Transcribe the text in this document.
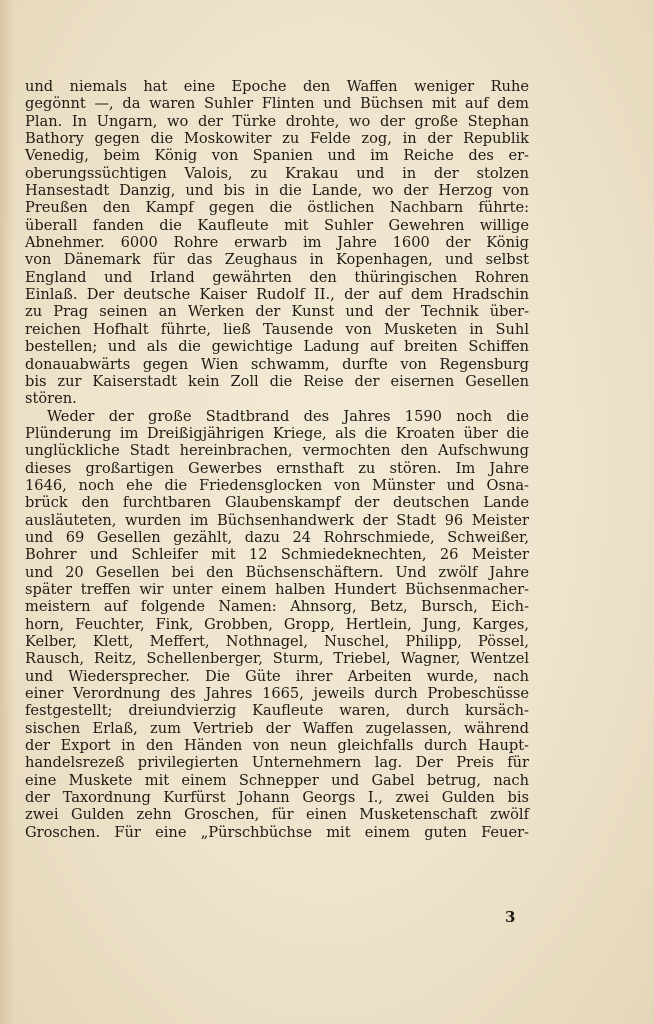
und niemals hat eine Epoche den Waffen weniger Ruhe
gegönnt —, da waren Suhler Flinten und Büchsen mit auf dem
Plan. In Ungarn, wo der Türke drohte, wo der große Stephan
Bathory gegen die Moskowiter zu Felde zog, in der Republik
Venedig, beim König von Spanien und im Reiche des er-
oberungssüchtigen Valois, zu Krakau und in der stolzen
Hansestadt Danzig, und bis in die Lande, wo der Herzog von
Preußen den Kampf gegen die östlichen Nachbarn führte:
überall fanden die Kaufleute mit Suhler Gewehren willige
Abnehmer. 6000 Rohre erwarb im Jahre 1600 der König
von Dänemark für das Zeughaus in Kopenhagen, und selbst
England und Irland gewährten den thüringischen Rohren
Einlaß. Der deutsche Kaiser Rudolf II., der auf dem Hradschin
zu Prag seinen an Werken der Kunst und der Technik über-
reichen Hofhalt führte, ließ Tausende von Musketen in Suhl
bestellen; und als die gewichtige Ladung auf breiten Schiffen
donauabwärts gegen Wien schwamm, durfte von Regensburg
bis zur Kaiserstadt kein Zoll die Reise der eisernen Gesellen
stören.
Weder der große Stadtbrand des Jahres 1590 noch die
Plünderung im Dreißigjährigen Kriege, als die Kroaten über die
unglückliche Stadt hereinbrachen, vermochten den Aufschwung
dieses großartigen Gewerbes ernsthaft zu stören. Im Jahre
1646, noch ehe die Friedensglocken von Münster und Osna-
brück den furchtbaren Glaubenskampf der deutschen Lande
ausläuteten, wurden im Büchsenhandwerk der Stadt 96 Meister
und 69 Gesellen gezählt, dazu 24 Rohrschmiede, Schweißer,
Bohrer und Schleifer mit 12 Schmiedeknechten, 26 Meister
und 20 Gesellen bei den Büchsenschäftern. Und zwölf Jahre
später treffen wir unter einem halben Hundert Büchsenmacher-
meistern auf folgende Namen: Ahnsorg, Betz, Bursch, Eich-
horn, Feuchter, Fink, Grobben, Gropp, Hertlein, Jung, Karges,
Kelber, Klett, Meffert, Nothnagel, Nuschel, Philipp, Pössel,
Rausch, Reitz, Schellenberger, Sturm, Triebel, Wagner, Wentzel
und Wiedersprecher. Die Güte ihrer Arbeiten wurde, nach
einer Verordnung des Jahres 1665, jeweils durch Probeschüsse
festgestellt; dreiundvierzig Kaufleute waren, durch kursäch-
sischen Erlaß, zum Vertrieb der Waffen zugelassen, während
der Export in den Händen von neun gleichfalls durch Haupt-
handelsrezeß privilegierten Unternehmern lag. Der Preis für
eine Muskete mit einem Schnepper und Gabel betrug, nach
der Taxordnung Kurfürst Johann Georgs I., zwei Gulden bis
zwei Gulden zehn Groschen, für einen Musketenschaft zwölf
Groschen. Für eine „Pürschbüchse mit einem guten Feuer-
3
